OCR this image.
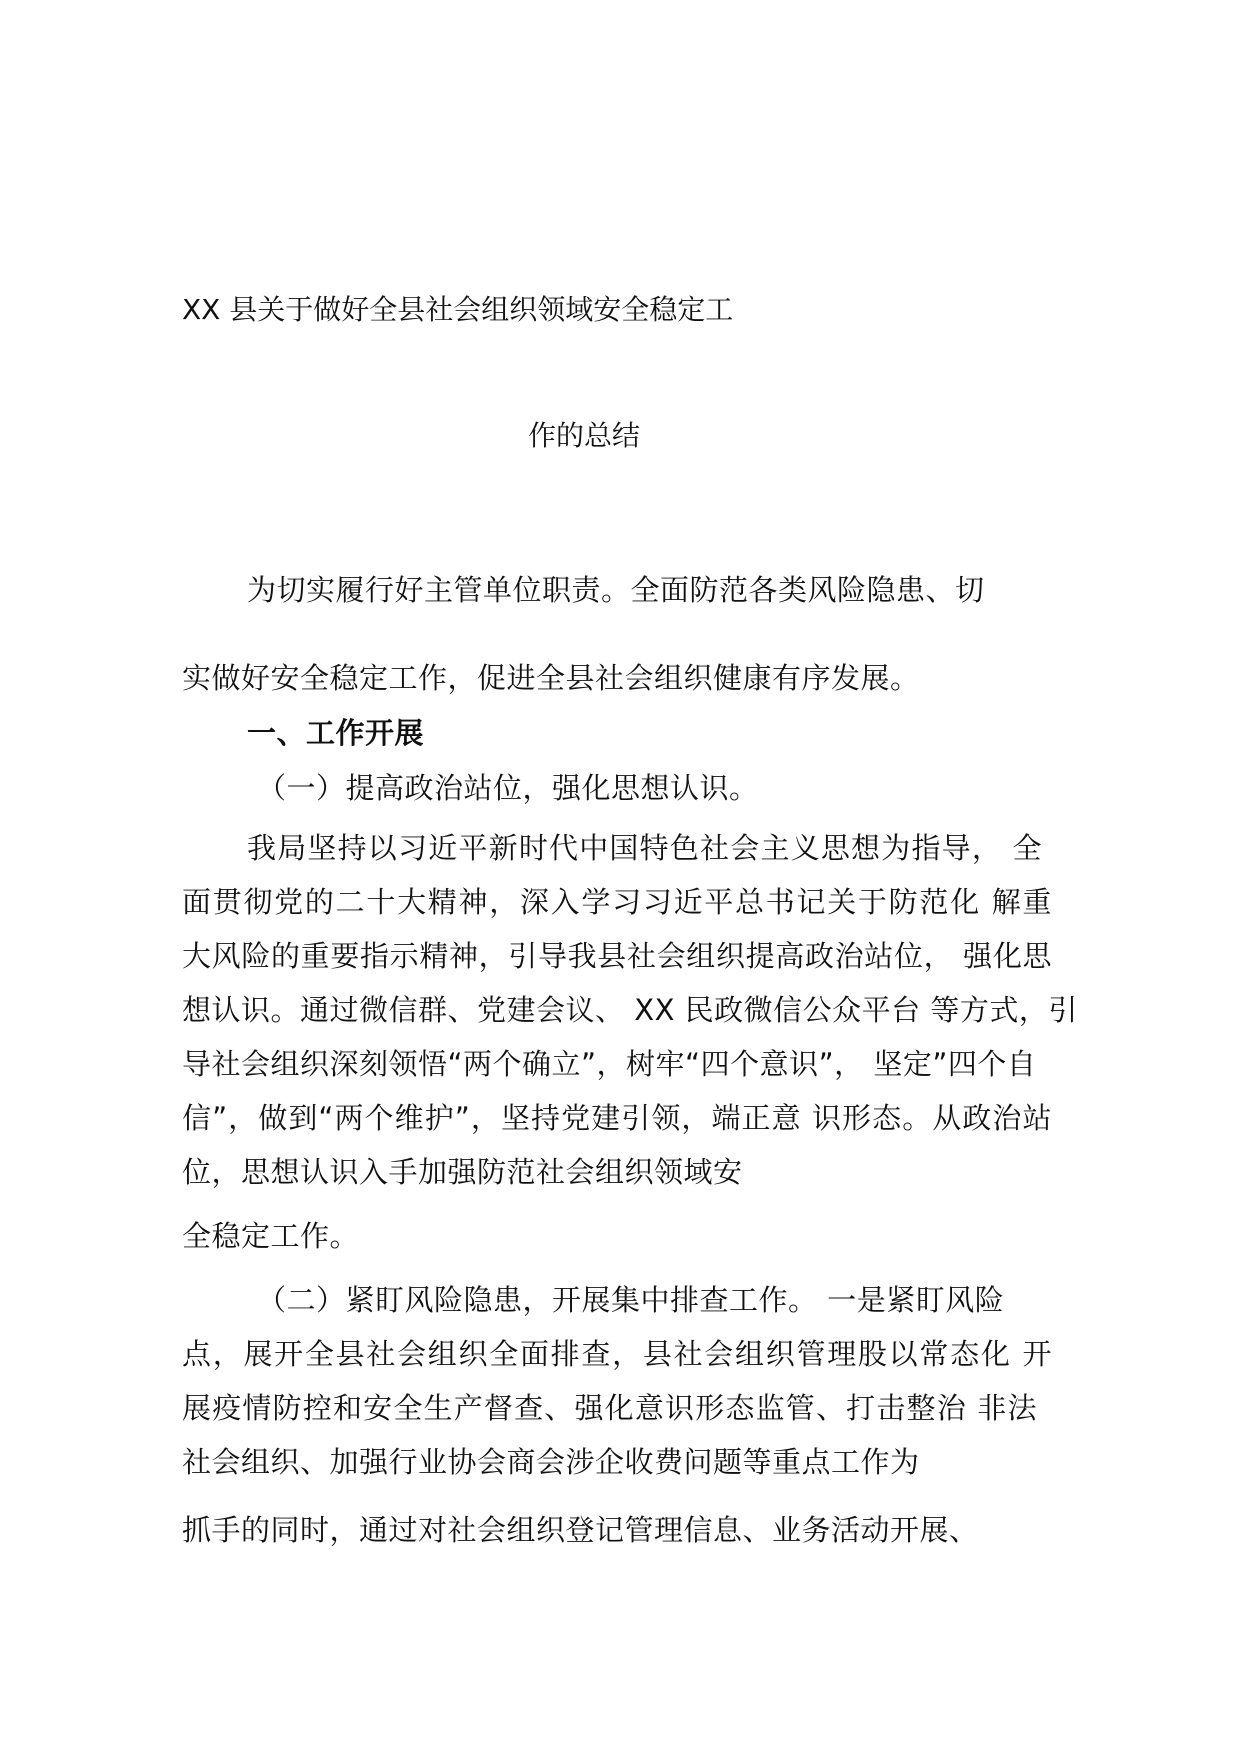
XX 县关于做好全县社会组织领域安全稳定工
作的总结
为切实履行好主管单位职责。全面防范各类风险隐患、切
实做好安全稳定工作，促进全县社会组织健康有序发展。
一、工作开展
（一）提高政治站位，强化思想认识。
我局坚持以习近平新时代中国特色社会主义思想为指导， 全
面贯彻党的二十大精神，深入学习习近平总书记关于防范化 解重
大风险的重要指示精神，引导我县社会组织提高政治站位， 强化思
想认识。通过微信群、党建会议、 XX 民政微信公众平台 等方式，引
导社会组织深刻领悟“两个确立”，树牢“四个意识”， 坚定”四个自
信”，做到“两个维护”，坚持党建引领，端正意 识形态。从政治站
位，思想认识入手加强防范社会组织领域安
全稳定工作。
（二）紧盯风险隐患，开展集中排查工作。 一是紧盯风险
点，展开全县社会组织全面排查，县社会组织管理股以常态化 开
展疫情防控和安全生产督查、强化意识形态监管、打击整治 非法
社会组织、加强行业协会商会涉企收费问题等重点工作为
抓手的同时，通过对社会组织登记管理信息、业务活动开展、
